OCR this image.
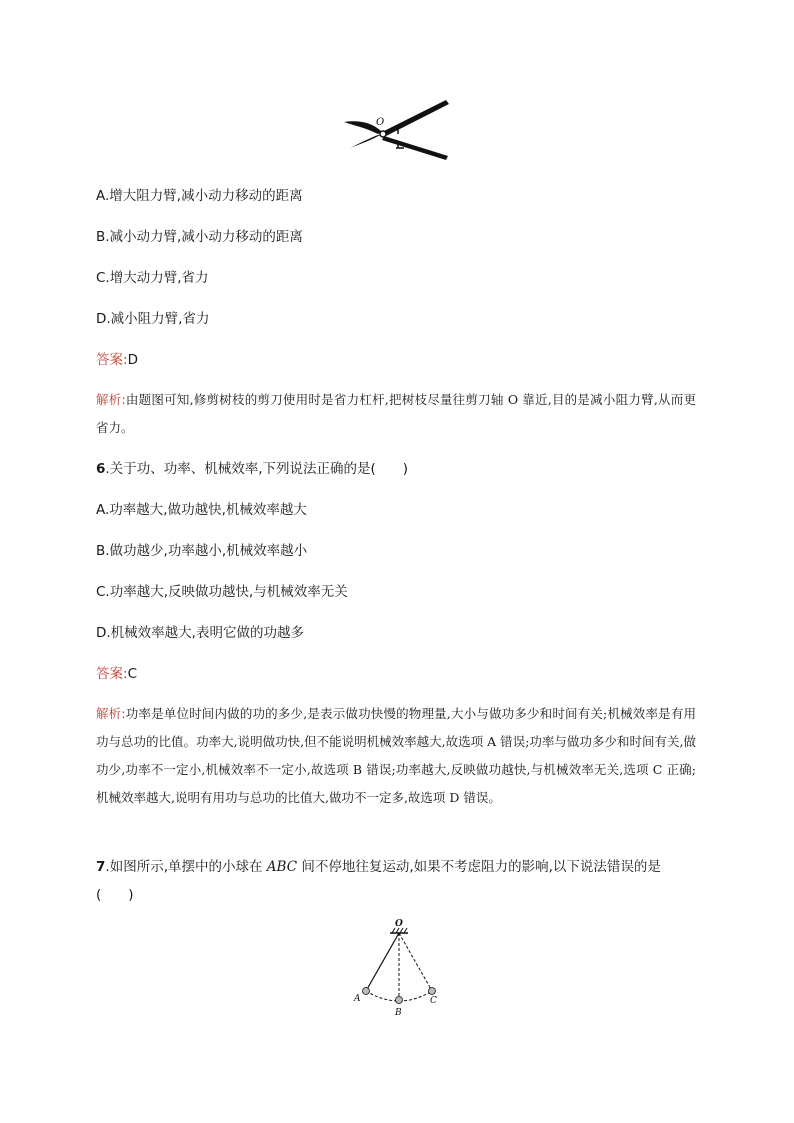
O
A.增大阻力臂,减小动力移动的距离
B.减小动力臂,减小动力移动的距离
C.增大动力臂,省力
D.减小阻力臂,省力
答案:D
解析:由题图可知,修剪树枝的剪刀使用时是省力杠杆,把树枝尽量往剪刀轴 O 靠近,目的是减小阻力臂,从而更省力。
6.关于功、功率、机械效率,下列说法正确的是(　　)
A.功率越大,做功越快,机械效率越大
B.做功越少,功率越小,机械效率越小
C.功率越大,反映做功越快,与机械效率无关
D.机械效率越大,表明它做的功越多
答案:C
解析:功率是单位时间内做的功的多少,是表示做功快慢的物理量,大小与做功多少和时间有关;机械效率是有用功与总功的比值。功率大,说明做功快,但不能说明机械效率越大,故选项 A 错误;功率与做功多少和时间有关,做功少,功率不一定小,机械效率不一定小,故选项 B 错误;功率越大,反映做功越快,与机械效率无关,选项 C 正确;机械效率越大,说明有用功与总功的比值大,做功不一定多,故选项 D 错误。
7.如图所示,单摆中的小球在 ABC 间不停地往复运动,如果不考虑阻力的影响,以下说法错误的是
(　　)
O
A
B
C
